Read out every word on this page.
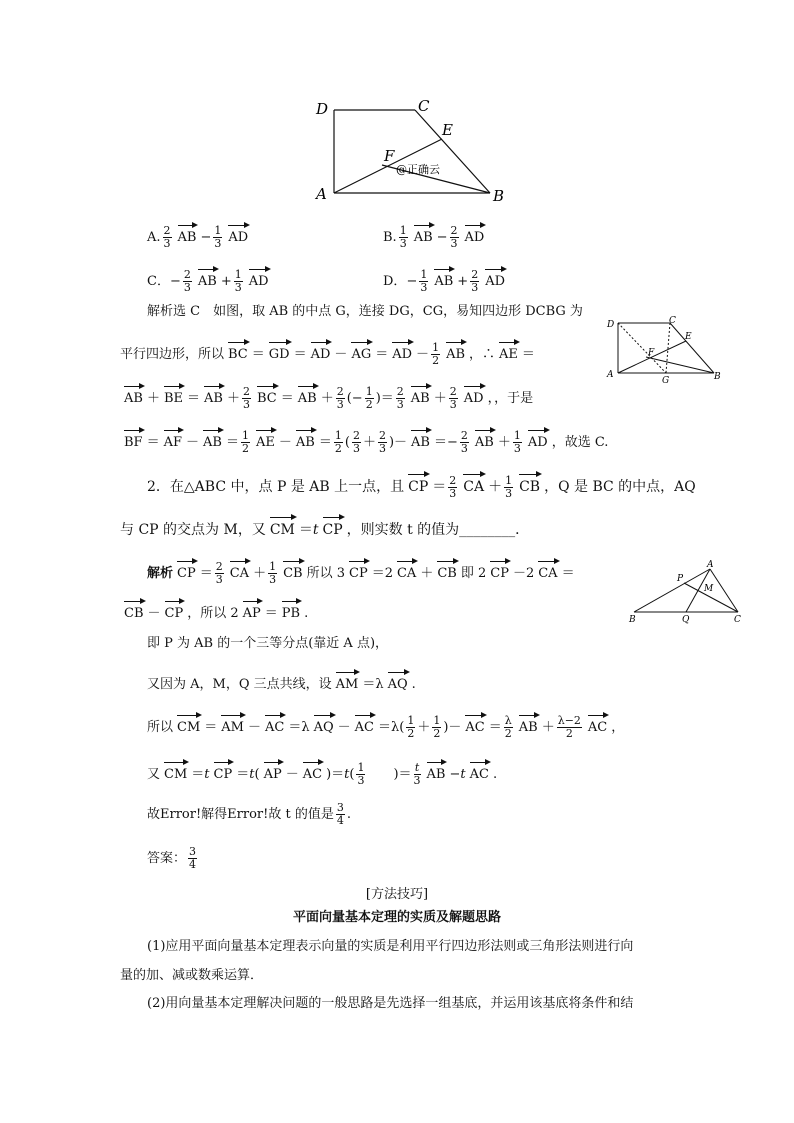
D	C
E
F
A	B
@正确云
A. $\frac{2}{3}$ AB − $\frac{1}{3}$ AD	B. $\frac{1}{3}$ AB − $\frac{2}{3}$ AD
C．− $\frac{2}{3}$ AB + $\frac{1}{3}$ AD	D．− $\frac{1}{3}$ AB + $\frac{2}{3}$ AD
解析选 C　如图，取 AB 的中点 G，连接 DG，CG，易知四边形 DCBG 为
平行四边形，所以 BC ＝ GD ＝ AD － AG ＝ AD － $\frac{1}{2}$ AB ，∴ AE ＝
AB ＋ BE ＝ AB ＋ $\frac{2}{3}$ BC ＝ AB ＋ $\frac{2}{3}$ (− $\frac{1}{2}$ )＝ $\frac{2}{3}$ AB ＋ $\frac{2}{3}$ AD ，，于是
BF ＝ AF － AB ＝ $\frac{1}{2}$ AE － AB ＝ $\frac{1}{2}$ ( $\frac{2}{3} + \frac{2}{3}$ )－ AB ＝− $\frac{2}{3}$ AB ＋ $\frac{1}{3}$ AD ，故选 C.
D	C
E
F
A
G	B
2．在△ABC 中，点 P 是 AB 上一点，且 CP ＝ $\frac{2}{3}$ CA ＋ $\frac{1}{3}$ CB ，Q 是 BC 的中点，AQ
与 CP 的交点为 M，又 CM ＝t CP ，则实数 t 的值为________．
解析 CP ＝ $\frac{2}{3}$ CA ＋ $\frac{1}{3}$ CB 所以 3 CP ＝2 CA ＋ CB 即 2 CP －2 CA ＝
CB － CP ，所以 2 AP ＝ PB .
A
P
M
B	Q	C
即 P 为 AB 的一个三等分点(靠近 A 点)，
又因为 A，M，Q 三点共线，设 AM ＝λ AQ .
所以 CM ＝ AM － AC ＝λ AQ － AC $=\lambda( \frac{1}{2} + \frac{1}{2}$ )－ AC ＝ $\frac{\lambda}{2}$ AB ＋ $\frac{\lambda-2}{2}$ AC ，
又 CM ＝t CP ＝t( AP － AC )$=t( \frac{1}{3}$ 　　)＝ $\frac{t}{3}$ AB −t AC .
故Error!解得Error!故 t 的值是 $\frac{3}{4}$ .
答案： $\frac{3}{4}$
[方法技巧]
平面向量基本定理的实质及解题思路
(1)应用平面向量基本定理表示向量的实质是利用平行四边形法则或三角形法则进行向
量的加、减或数乘运算．
(2)用向量基本定理解决问题的一般思路是先选择一组基底，并运用该基底将条件和结
